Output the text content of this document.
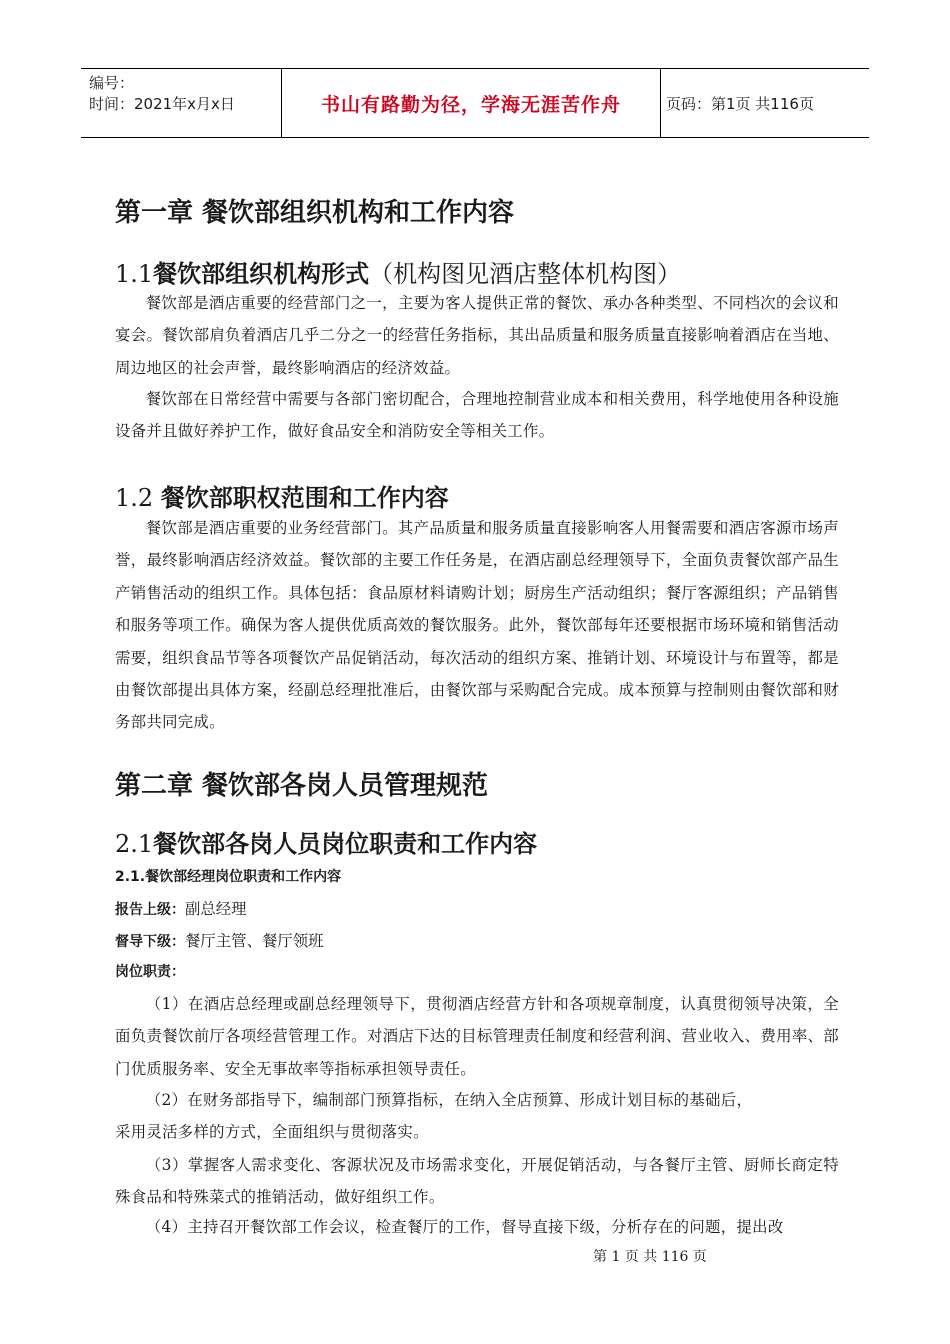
编号：
时间：2021年x月x日	书山有路勤为径，学海无涯苦作舟	页码：第1页 共116页
第一章 餐饮部组织机构和工作内容
1.1餐饮部组织机构形式（机构图见酒店整体机构图）
餐饮部是酒店重要的经营部门之一，主要为客人提供正常的餐饮、承办各种类型、不同档次的会议和宴会。餐饮部肩负着酒店几乎二分之一的经营任务指标，其出品质量和服务质量直接影响着酒店在当地、周边地区的社会声誉，最终影响酒店的经济效益。
餐饮部在日常经营中需要与各部门密切配合，合理地控制营业成本和相关费用，科学地使用各种设施设备并且做好养护工作，做好食品安全和消防安全等相关工作。
1.2 餐饮部职权范围和工作内容
餐饮部是酒店重要的业务经营部门。其产品质量和服务质量直接影响客人用餐需要和酒店客源市场声誉，最终影响酒店经济效益。餐饮部的主要工作任务是，在酒店副总经理领导下，全面负责餐饮部产品生产销售活动的组织工作。具体包括：食品原材料请购计划；厨房生产活动组织；餐厅客源组织；产品销售和服务等项工作。确保为客人提供优质高效的餐饮服务。此外，餐饮部每年还要根据市场环境和销售活动需要，组织食品节等各项餐饮产品促销活动，每次活动的组织方案、推销计划、环境设计与布置等，都是由餐饮部提出具体方案，经副总经理批准后，由餐饮部与采购配合完成。成本预算与控制则由餐饮部和财务部共同完成。
第二章 餐饮部各岗人员管理规范
2.1餐饮部各岗人员岗位职责和工作内容
2.1.餐饮部经理岗位职责和工作内容
报告上级：副总经理
督导下级：餐厅主管、餐厅领班
岗位职责：
（1）在酒店总经理或副总经理领导下，贯彻酒店经营方针和各项规章制度，认真贯彻领导决策，全面负责餐饮前厅各项经营管理工作。对酒店下达的目标管理责任制度和经营利润、营业收入、费用率、部门优质服务率、安全无事故率等指标承担领导责任。
（2）在财务部指导下，编制部门预算指标，在纳入全店预算、形成计划目标的基础后，
采用灵活多样的方式，全面组织与贯彻落实。
（3）掌握客人需求变化、客源状况及市场需求变化，开展促销活动，与各餐厅主管、厨师长商定特殊食品和特殊菜式的推销活动，做好组织工作。
（4）主持召开餐饮部工作会议，检查餐厅的工作，督导直接下级，分析存在的问题，提出改
第 1 页 共 116 页
